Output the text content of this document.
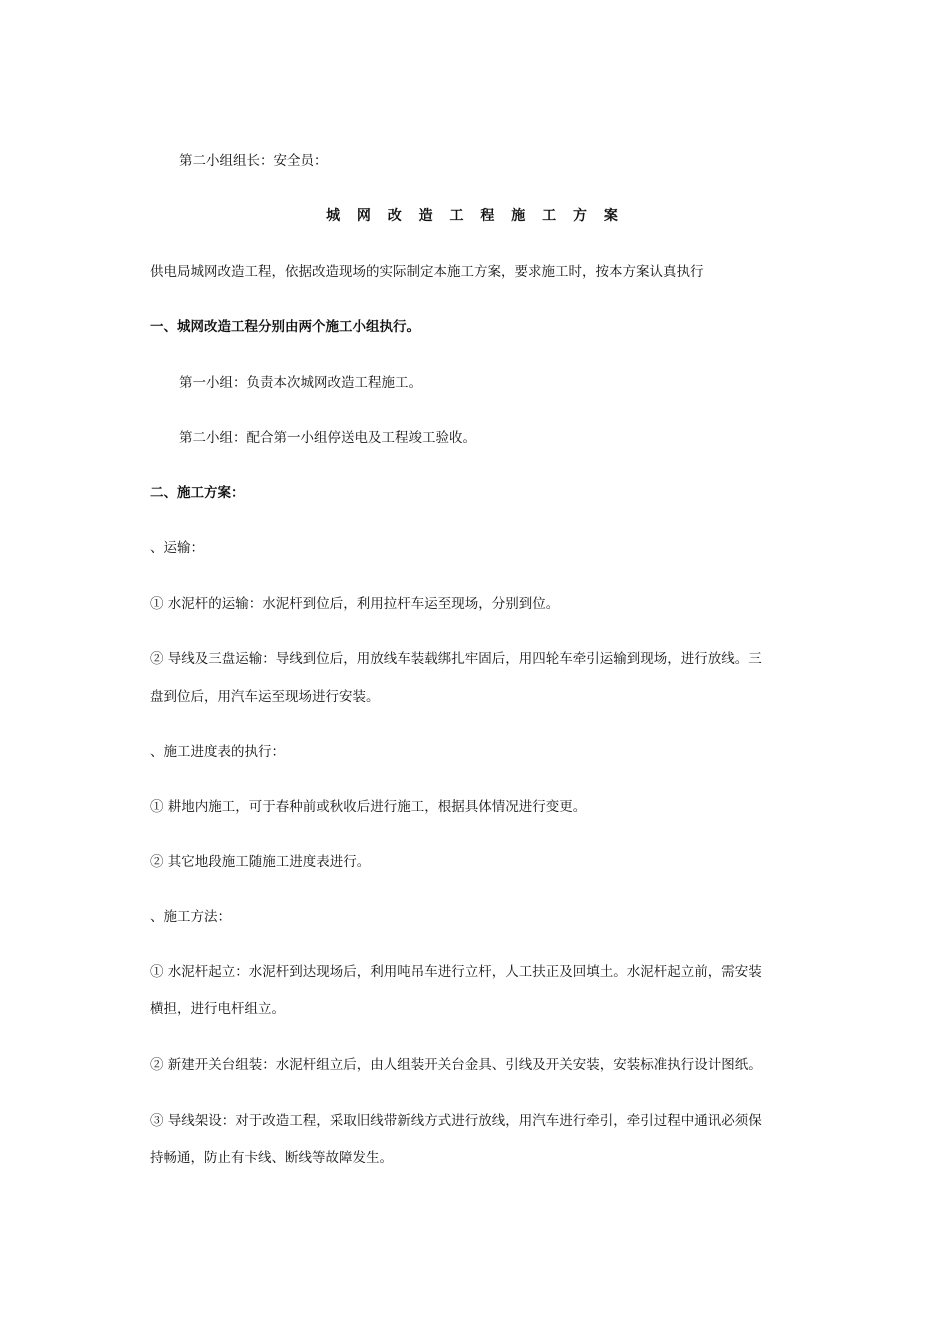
第二小组组长：安全员：
城 网 改 造 工 程 施 工 方 案
供电局城网改造工程，依据改造现场的实际制定本施工方案，要求施工时，按本方案认真执行
一、城网改造工程分别由两个施工小组执行。
第一小组：负责本次城网改造工程施工。
第二小组：配合第一小组停送电及工程竣工验收。
二、施工方案：
、运输：
① 水泥杆的运输：水泥杆到位后，利用拉杆车运至现场，分别到位。
② 导线及三盘运输：导线到位后，用放线车装载绑扎牢固后，用四轮车牵引运输到现场，进行放线。三
盘到位后，用汽车运至现场进行安装。
、施工进度表的执行：
① 耕地内施工，可于春种前或秋收后进行施工，根据具体情况进行变更。
② 其它地段施工随施工进度表进行。
、施工方法：
① 水泥杆起立：水泥杆到达现场后，利用吨吊车进行立杆，人工扶正及回填土。水泥杆起立前，需安装
横担，进行电杆组立。
② 新建开关台组装：水泥杆组立后，由人组装开关台金具、引线及开关安装，安装标准执行设计图纸。
③ 导线架设：对于改造工程，采取旧线带新线方式进行放线，用汽车进行牵引，牵引过程中通讯必须保
持畅通，防止有卡线、断线等故障发生。
